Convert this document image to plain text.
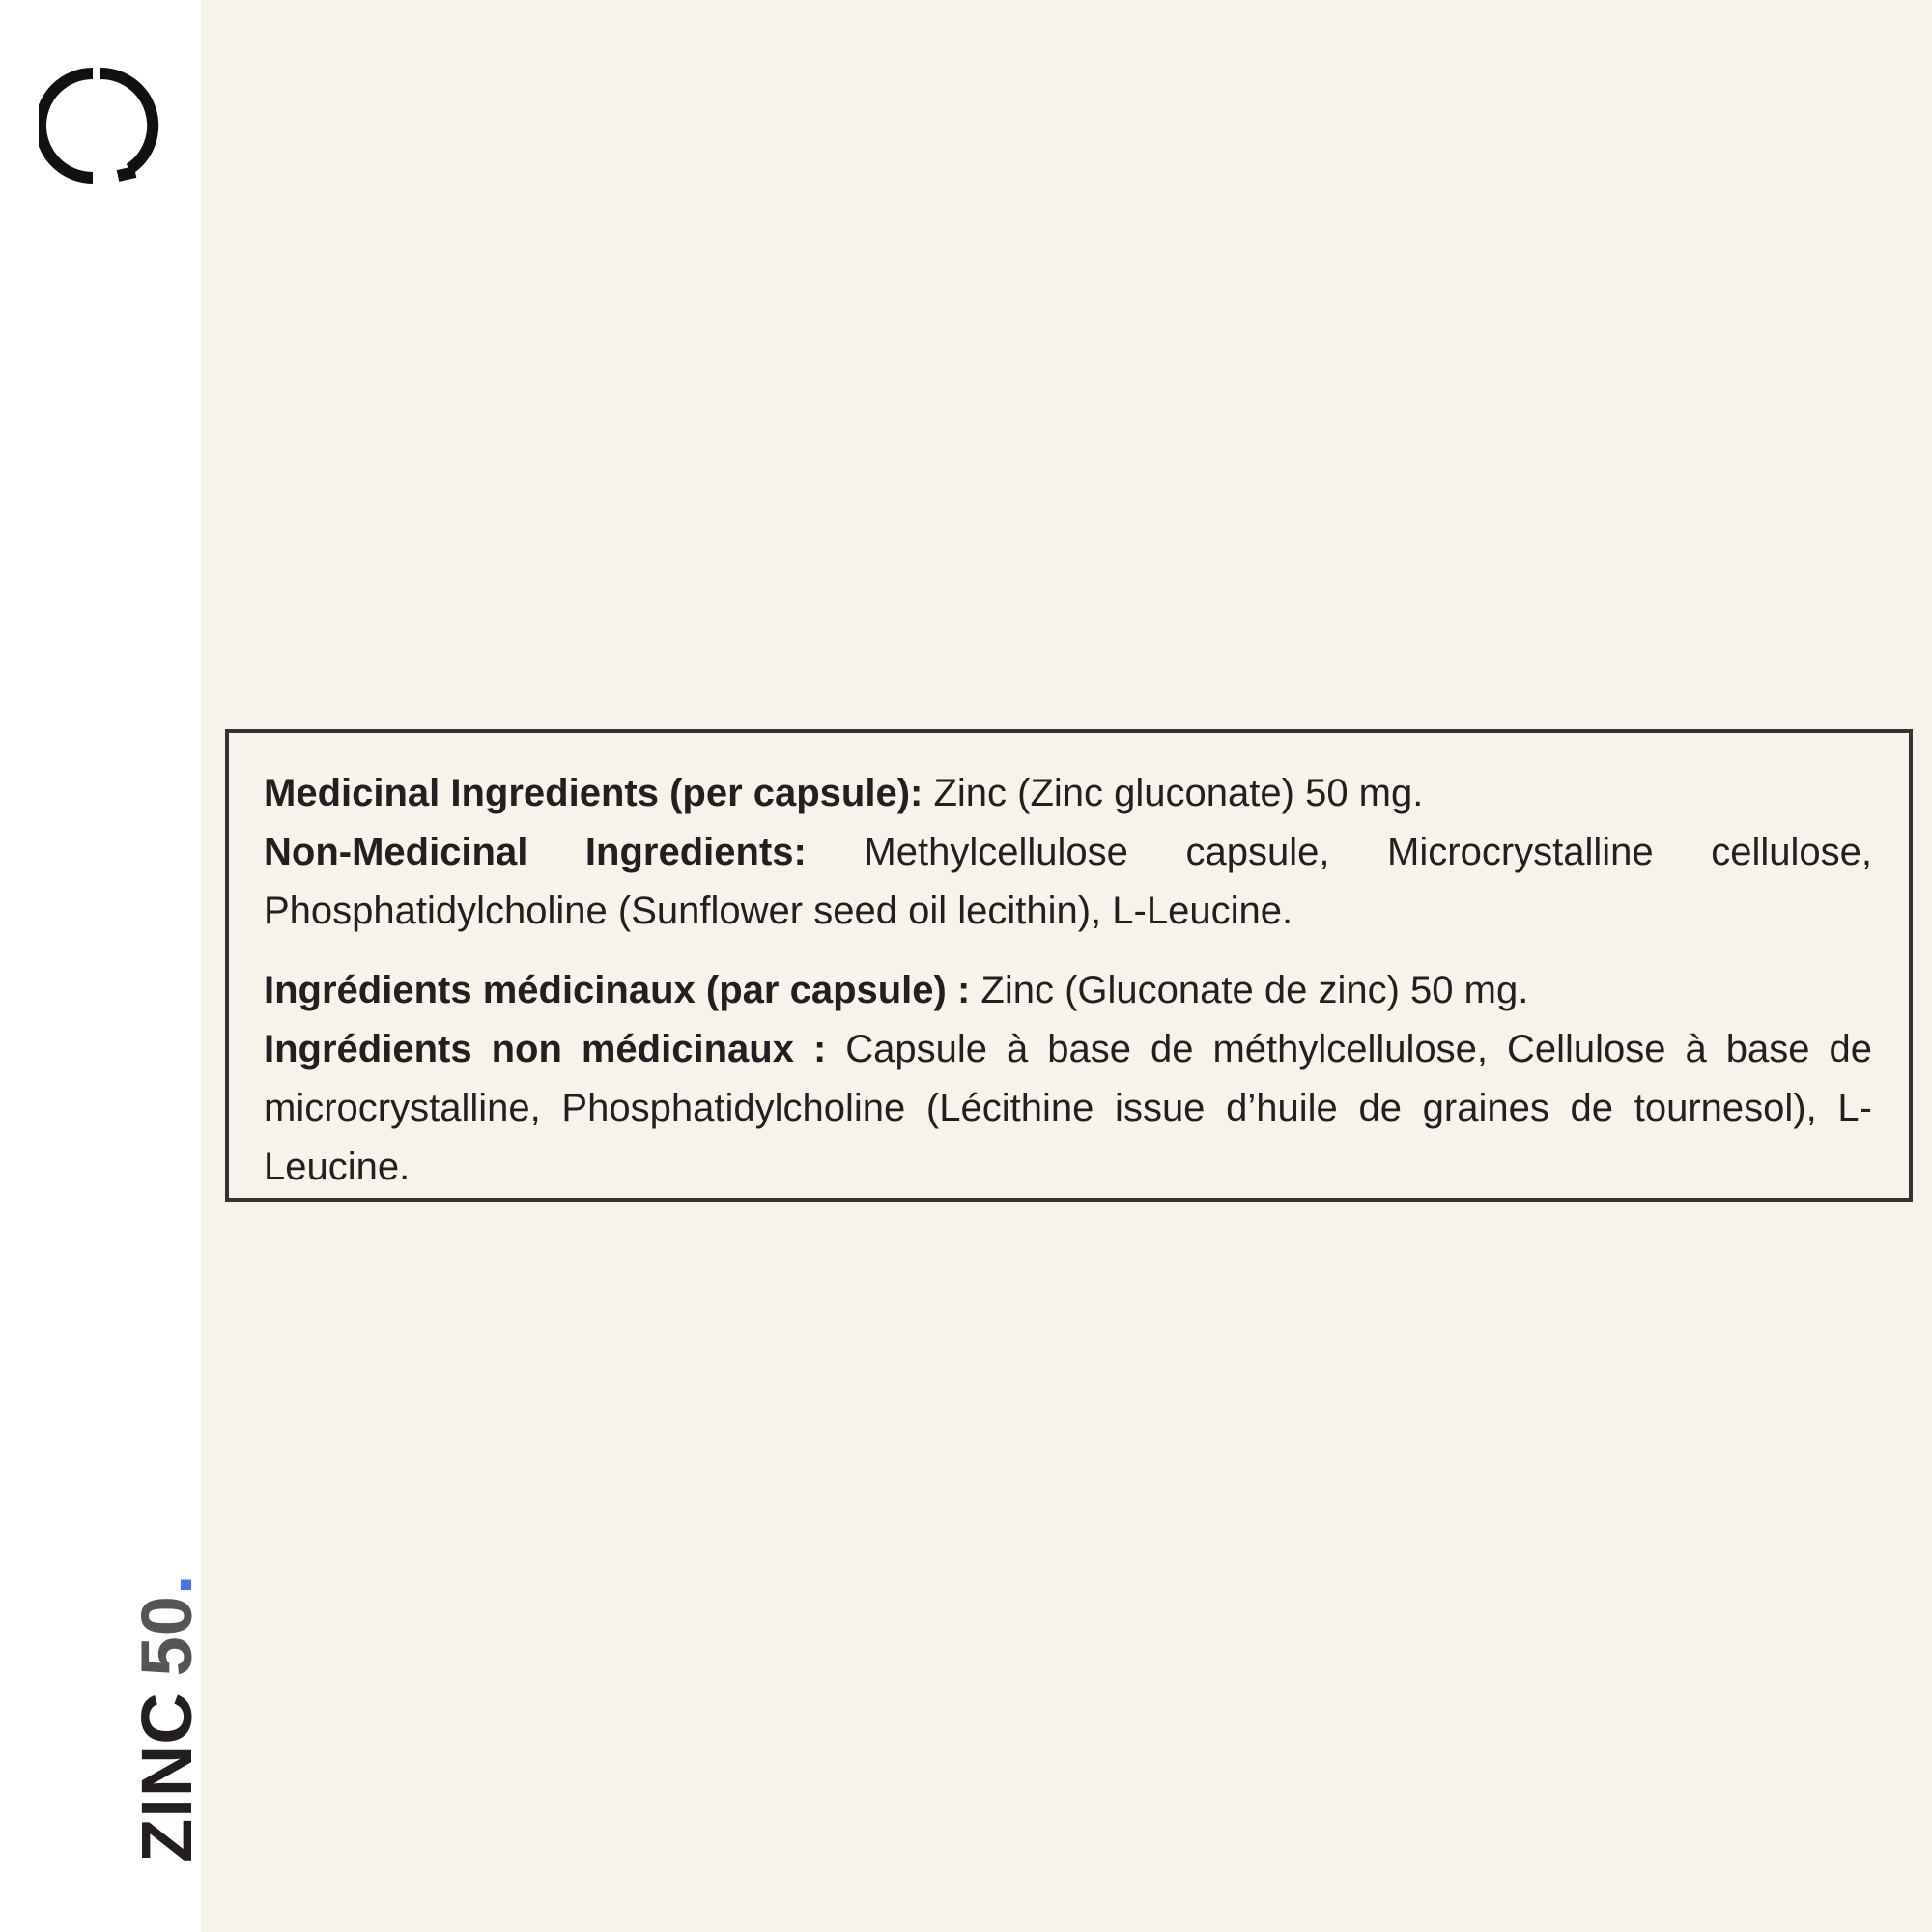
ZINC50.

Medicinal Ingredients (per capsule): Zinc (Zinc gluconate) 50 mg.

Non-Medicinal Ingredients: Methylcellulose capsule, Microcrystalline cellulose, Phosphatidylcholine (Sunflower seed oil lecithin), L-Leucine.

Ingrédients médicinaux (par capsule) : Zinc (Gluconate de zinc) 50 mg.

Ingrédients non médicinaux : Capsule à base de méthylcellulose, Cellulose à base de microcrystalline, Phosphatidylcholine (Lécithine issue d’huile de graines de tournesol), L-Leucine.
